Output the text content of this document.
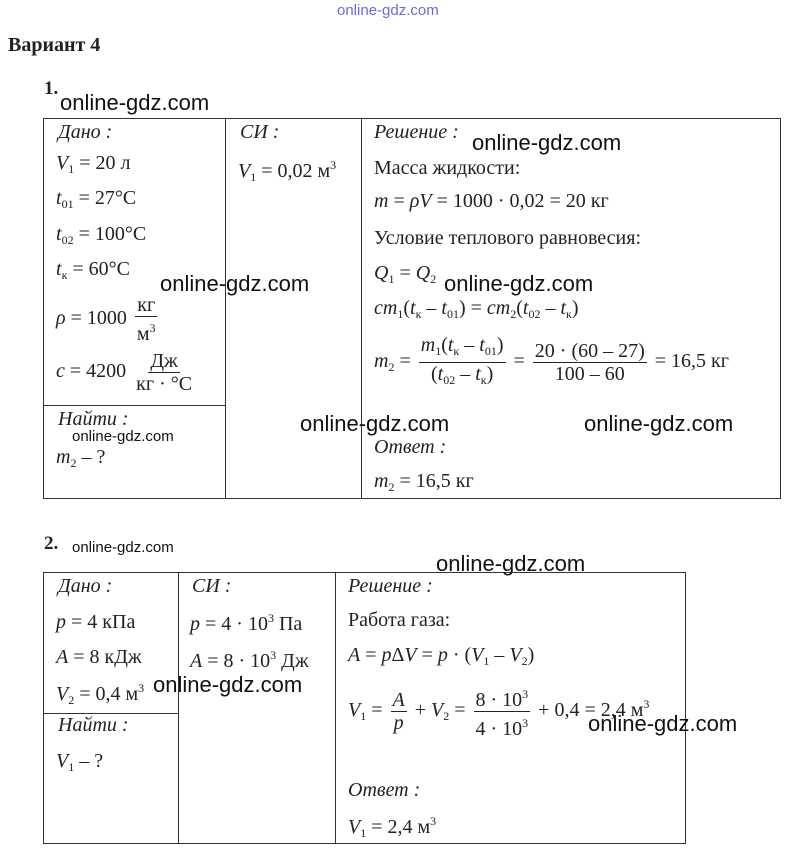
online-gdz.com
Вариант 4
1.
Дано :
$V_1 = 20$ л
$t_{01} = 27^\circ С$
$t_{02} = 100^\circ С$
$t_к = 60^\circ С$
$\rho = 1000 \frac{кг}{м^3}$
$c = 4200 \frac{Дж}{кг \cdot ^\circ С}$
Найти :
$m_2$ – ?
СИ :
$V_1 = 0,02$ $м^3$
Решение :
Масса жидкости:
m = ρV = 1000 · 0,02 = 20 кг
Условие теплового равновесия:
$Q_1 = Q_2$
$cm_1(t_к - t_{01}) = cm_2(t_{02} - t_к)$
$m_2 = \frac{m_1(t_к - t_{01})}{(t_{02} - t_к)} = \frac{20 \cdot (60 - 27)}{100 - 60} = 16,5$ кг
Ответ :
$m_2 = 16,5$ кг
2.
Дано :
p = 4 кПа
A = 8 кДж
$V_2 = 0,4$ $м^3$
Найти :
$V_1$ – ?
СИ :
$p = 4 \cdot 10^3$ Па
$A = 8 \cdot 10^3$ Дж
Решение :
Работа газа:
$A = p\Delta V = p \cdot (V_1 - V_2)$
$V_1 = \frac{A}{p} + V_2 = \frac{8 \cdot 10^3}{4 \cdot 10^3} + 0,4 = 2,4$ $м^3$
Ответ :
$V_1 = 2,4$ $м^3$
online-gdz.com
online-gdz.com
online-gdz.com	online-gdz.com
online-gdz.com	online-gdz.com
online-gdz.com
online-gdz.com
online-gdz.com
online-gdz.com
online-gdz.com
